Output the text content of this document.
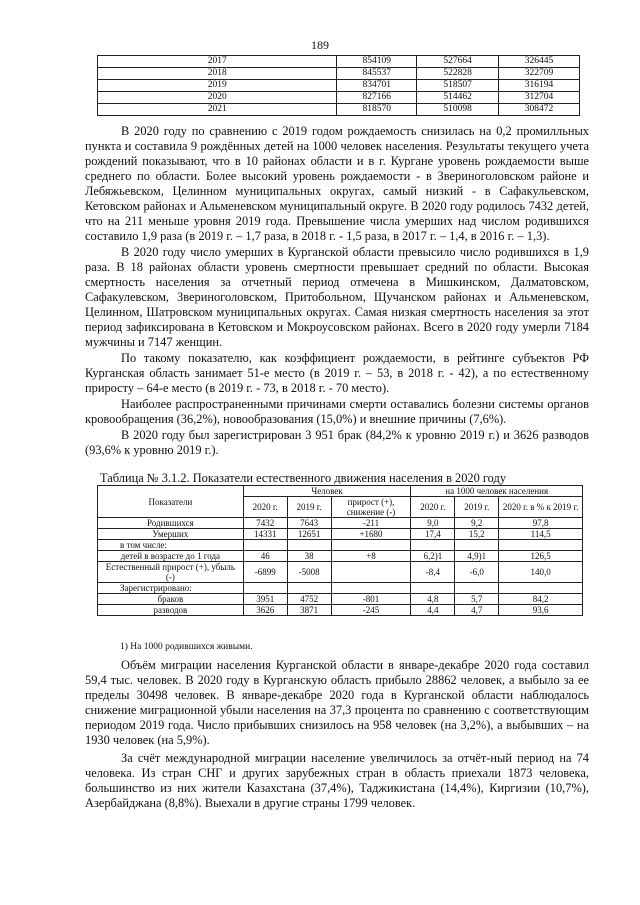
189
2017	854109	527664	326445
2018	845537	522828	322709
2019	834701	518507	316194
2020	827166	514462	312704
2021	818570	510098	308472

В 2020 году по сравнению с 2019 годом рождаемость снизилась на 0,2 промилльных пункта и составила 9 рождённых детей на 1000 человек населения. Результаты текущего учета рождений показывают, что в 10 районах области и в г. Кургане уровень рождаемости выше среднего по области. Более высокий уровень рождаемости - в Звериноголовском районе и Лебяжьевском, Целинном муниципальных округах, самый низкий - в Сафакульевском, Кетовском районах и Альменевском муниципальный округе. В 2020 году родилось 7432 детей, что на 211 меньше уровня 2019 года. Превышение числа умерших над числом родившихся составило 1,9 раза (в 2019 г. – 1,7 раза, в 2018 г. - 1,5 раза, в 2017 г. – 1,4, в 2016 г. – 1,3).

В 2020 году число умерших в Курганской области превысило число родившихся в 1,9 раза. В 18 районах области уровень смертности превышает средний по области. Высокая смертность населения за отчетный период отмечена в Мишкинском, Далматовском, Сафакулевском, Звериноголовском, Притобольном, Щучанском районах и Альменевском, Целинном, Шатровском муниципальных округах. Самая низкая смертность населения за этот период зафиксирована в Кетовском и Мокроусовском районах. Всего в 2020 году умерли 7184 мужчины и 7147 женщин.

По такому показателю, как коэффициент рождаемости, в рейтинге субъектов РФ Курганская область занимает 51-е место (в 2019 г. – 53, в 2018 г. - 42), а по естественному приросту – 64-е место (в 2019 г. - 73, в 2018 г. - 70 место).

Наиболее распространенными причинами смерти оставались болезни системы органов кровообращения (36,2%), новообразования (15,0%) и внешние причины (7,6%).

В 2020 году был зарегистрирован 3 951 брак (84,2% к уровню 2019 г.) и 3626 разводов (93,6% к уровню 2019 г.).

Таблица № 3.1.2. Показатели естественного движения населения в 2020 году
Показатели	Человек			на 1000 человек населения		
	2020 г.	2019 г.	прирост (+), снижение (-)	2020 г.	2019 г.	2020 г. в % к 2019 г.
Родившихся	7432	7643	-211	9,0	9,2	97,8
Умерших	14331	12651	+1680	17,4	15,2	114,5
в том числе:						
детей в возрасте до 1 года	46	38	+8	6,2)1	4,9)1	126,5
Естественный прирост (+), убыль (-)	-6899	-5008		-8,4	-6,0	140,0
Зарегистрировано:						
браков	3951	4752	-801	4,8	5,7	84,2
разводов	3626	3871	-245	4,4	4,7	93,6
1) На 1000 родившихся живыми.

Объём миграции населения Курганской области в январе-декабре 2020 года составил 59,4 тыс. человек. В 2020 году в Курганскую область прибыло 28862 человек, а выбыло за ее пределы 30498 человек. В январе-декабре 2020 года в Курганской области наблюдалось снижение миграционной убыли населения на 37,3 процента по сравнению с соответствующим периодом 2019 года. Число прибывших снизилось на 958 человек (на 3,2%), а выбывших – на 1930 человек (на 5,9%).

За счёт международной миграции население увеличилось за отчёт-ный период на 74 человека. Из стран СНГ и других зарубежных стран в область приехали 1873 человека, большинство из них жители Казахстана (37,4%), Таджикистана (14,4%), Киргизии (10,7%), Азербайджана (8,8%). Выехали в другие страны 1799 человек.
